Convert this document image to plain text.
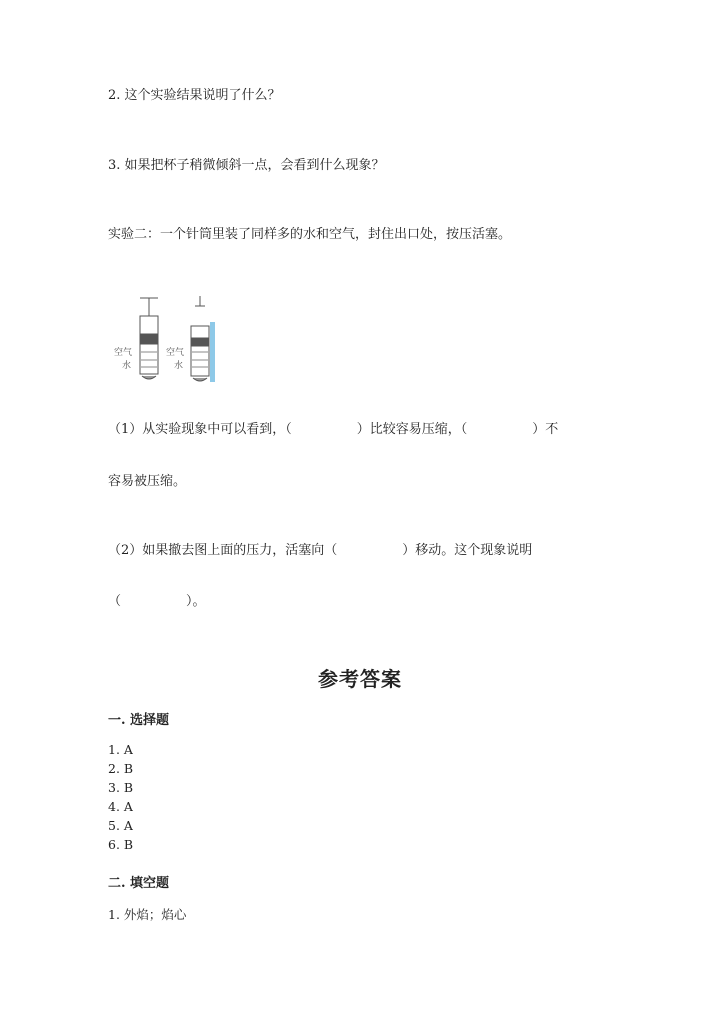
2. 这个实验结果说明了什么？
3. 如果把杯子稍微倾斜一点，会看到什么现象？
实验二：一个针筒里装了同样多的水和空气，封住出口处，按压活塞。
空气
水
空气
水
（1）从实验现象中可以看到，（　　　　　）比较容易压缩，（　　　　　）不
容易被压缩。
（2）如果撤去图上面的压力，活塞向（　　　　　）移动。这个现象说明
（　　　　　）。
参考答案
一. 选择题
1. A
2. B
3. B
4. A
5. A
6. B
二. 填空题
1. 外焰；焰心
